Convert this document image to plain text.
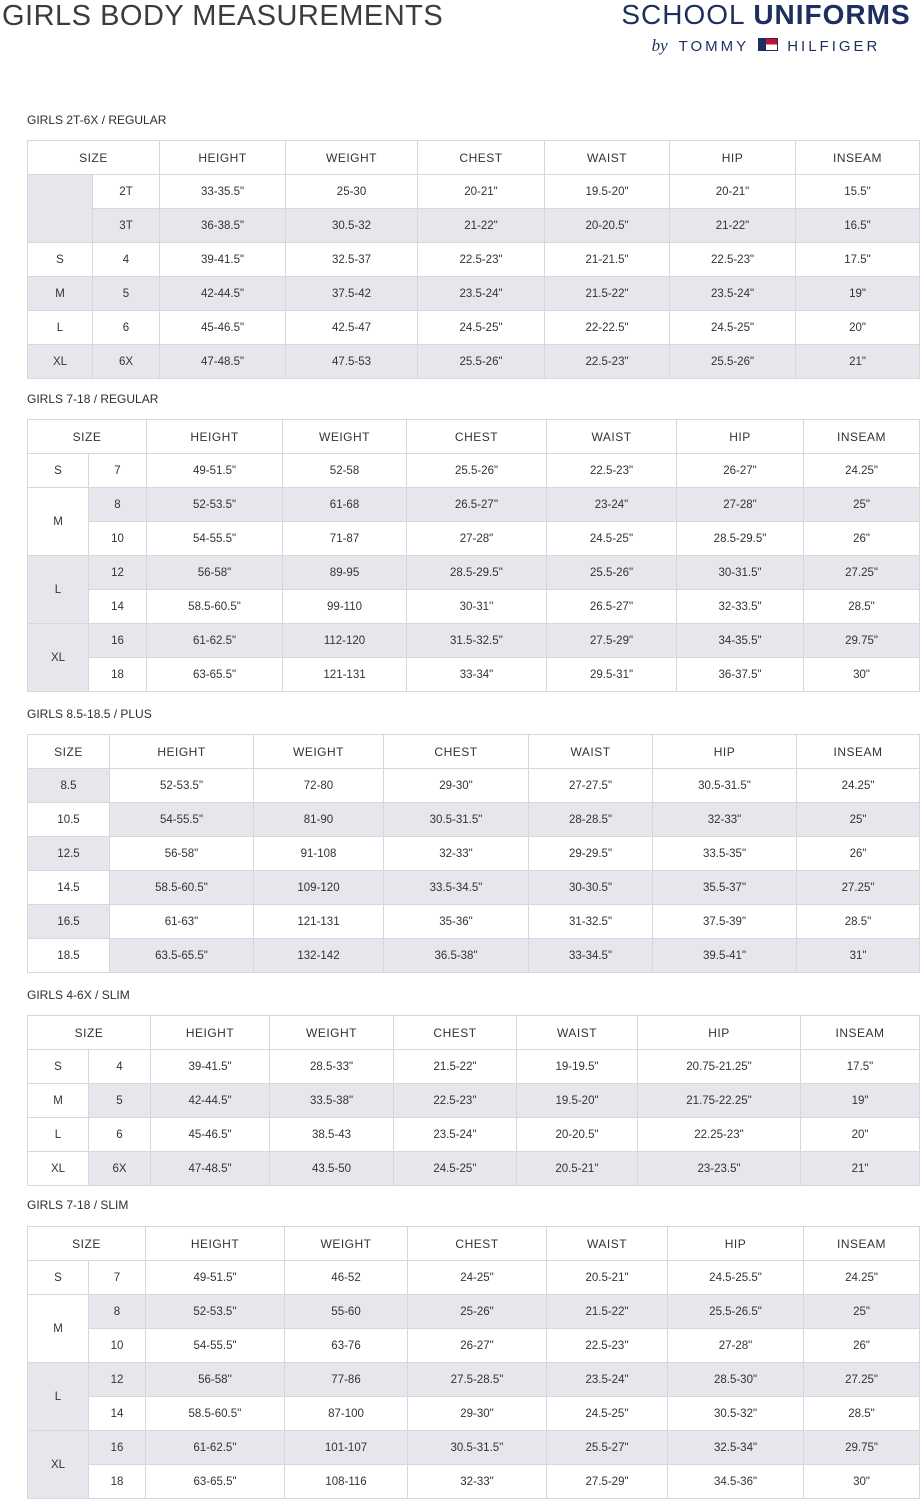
GIRLS BODY MEASUREMENTS	SCHOOL UNIFORMS
by TOMMY	HILFIGER
GIRLS 2T-6X / REGULAR
SIZE		HEIGHT	WEIGHT	CHEST	WAIST	HIP	INSEAM
	2T	33-35.5"	25-30	20-21"	19.5-20"	20-21"	15.5"
	3T	36-38.5"	30.5-32	21-22"	20-20.5"	21-22"	16.5"
S	4	39-41.5"	32.5-37	22.5-23"	21-21.5"	22.5-23"	17.5"
M	5	42-44.5"	37.5-42	23.5-24"	21.5-22"	23.5-24"	19"
L	6	45-46.5"	42.5-47	24.5-25"	22-22.5"	24.5-25"	20"
XL	6X	47-48.5"	47.5-53	25.5-26"	22.5-23"	25.5-26"	21"
GIRLS 7-18 / REGULAR
SIZE		HEIGHT	WEIGHT	CHEST	WAIST	HIP	INSEAM
S	7	49-51.5"	52-58	25.5-26"	22.5-23"	26-27"	24.25"
M	8	52-53.5"	61-68	26.5-27''	23-24"	27-28"	25"
	10	54-55.5"	71-87	27-28"	24.5-25''	28.5-29.5"	26"
L	12	56-58"	89-95	28.5-29.5''	25.5-26"	30-31.5"	27.25"
	14	58.5-60.5"	99-110	30-31''	26.5-27''	32-33.5"	28.5"
XL	16	61-62.5"	112-120	31.5-32.5''	27.5-29"	34-35.5"	29.75"
	18	63-65.5"	121-131	33-34"	29.5-31"	36-37.5"	30"
GIRLS 8.5-18.5 / PLUS
SIZE	HEIGHT	WEIGHT	CHEST	WAIST	HIP	INSEAM
8.5	52-53.5"	72-80	29-30"	27-27.5"	30.5-31.5"	24.25"
10.5	54-55.5"	81-90	30.5-31.5"	28-28.5"	32-33"	25"
12.5	56-58"	91-108	32-33"	29-29.5"	33.5-35"	26"
14.5	58.5-60.5"	109-120	33.5-34.5"	30-30.5"	35.5-37"	27.25"
16.5	61-63"	121-131	35-36"	31-32.5"	37.5-39"	28.5"
18.5	63.5-65.5"	132-142	36.5-38"	33-34.5"	39.5-41"	31"
GIRLS 4-6X / SLIM
SIZE		HEIGHT	WEIGHT	CHEST	WAIST	HIP	INSEAM
S	4	39-41.5"	28.5-33"	21.5-22"	19-19.5"	20.75-21.25"	17.5"
M	5	42-44.5"	33.5-38"	22.5-23''	19.5-20"	21.75-22.25"	19"
L	6	45-46.5"	38.5-43	23.5-24''	20-20.5"	22.25-23"	20"
XL	6X	47-48.5"	43.5-50	24.5-25''	20.5-21''	23-23.5"	21"
GIRLS 7-18 / SLIM
SIZE		HEIGHT	WEIGHT	CHEST	WAIST	HIP	INSEAM
S	7	49-51.5"	46-52	24-25"	20.5-21"	24.5-25.5"	24.25"
M	8	52-53.5''	55-60	25-26"	21.5-22"	25.5-26.5"	25"
	10	54-55.5"	63-76	26-27"	22.5-23''	27-28"	26"
L	12	56-58''	77-86	27.5-28.5"	23.5-24"	28.5-30"	27.25"
	14	58.5-60.5''	87-100	29-30"	24.5-25''	30.5-32"	28.5"
XL	16	61-62.5''	101-107	30.5-31.5''	25.5-27"	32.5-34"	29.75"
	18	63-65.5"	108-116	32-33"	27.5-29"	34.5-36"	30"
